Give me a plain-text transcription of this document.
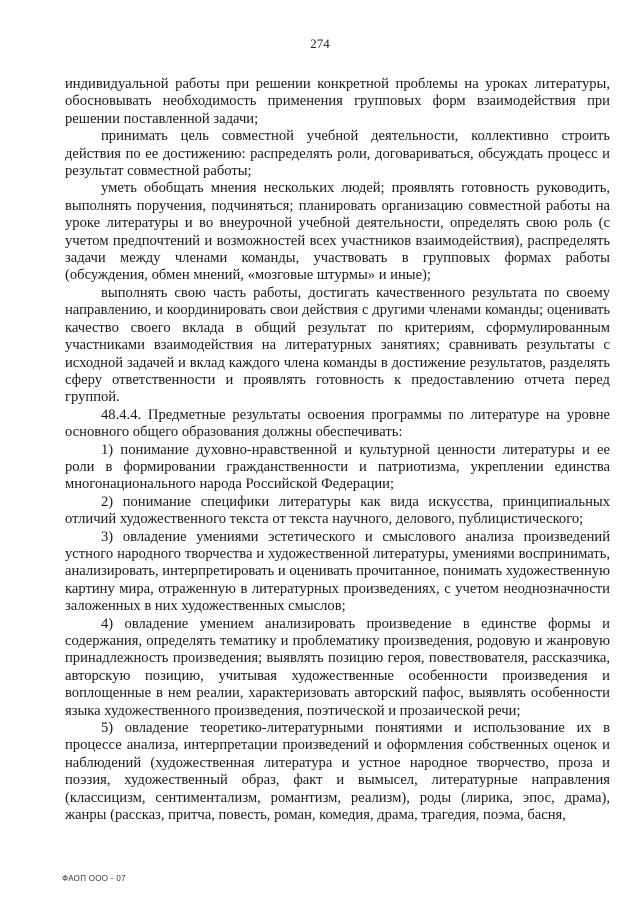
274

индивидуальной работы при решении конкретной проблемы на уроках литературы, обосновывать необходимость применения групповых форм взаимодействия при решении поставленной задачи;

принимать цель совместной учебной деятельности, коллективно строить действия по ее достижению: распределять роли, договариваться, обсуждать процесс и результат совместной работы;

уметь обобщать мнения нескольких людей; проявлять готовность руководить, выполнять поручения, подчиняться; планировать организацию совместной работы на уроке литературы и во внеурочной учебной деятельности, определять свою роль (с учетом предпочтений и возможностей всех участников взаимодействия), распределять задачи между членами команды, участвовать в групповых формах работы (обсуждения, обмен мнений, «мозговые штурмы» и иные);

выполнять свою часть работы, достигать качественного результата по своему направлению, и координировать свои действия с другими членами команды; оценивать качество своего вклада в общий результат по критериям, сформулированным участниками взаимодействия на литературных занятиях; сравнивать результаты с исходной задачей и вклад каждого члена команды в достижение результатов, разделять сферу ответственности и проявлять готовность к предоставлению отчета перед группой.

48.4.4. Предметные результаты освоения программы по литературе на уровне основного общего образования должны обеспечивать:

1) понимание духовно-нравственной и культурной ценности литературы и ее роли в формировании гражданственности и патриотизма, укреплении единства многонационального народа Российской Федерации;

2) понимание специфики литературы как вида искусства, принципиальных отличий художественного текста от текста научного, делового, публицистического;

3) овладение умениями эстетического и смыслового анализа произведений устного народного творчества и художественной литературы, умениями воспринимать, анализировать, интерпретировать и оценивать прочитанное, понимать художественную картину мира, отраженную в литературных произведениях, с учетом неоднозначности заложенных в них художественных смыслов;

4) овладение умением анализировать произведение в единстве формы и содержания, определять тематику и проблематику произведения, родовую и жанровую принадлежность произведения; выявлять позицию героя, повествователя, рассказчика, авторскую позицию, учитывая художественные особенности произведения и воплощенные в нем реалии, характеризовать авторский пафос, выявлять особенности языка художественного произведения, поэтической и прозаической речи;

5) овладение теоретико-литературными понятиями и использование их в процессе анализа, интерпретации произведений и оформления собственных оценок и наблюдений (художественная литература и устное народное творчество, проза и поэзия, художественный образ, факт и вымысел, литературные направления (классицизм, сентиментализм, романтизм, реализм), роды (лирика, эпос, драма), жанры (рассказ, притча, повесть, роман, комедия, драма, трагедия, поэма, басня,

ФАОП ООО - 07
